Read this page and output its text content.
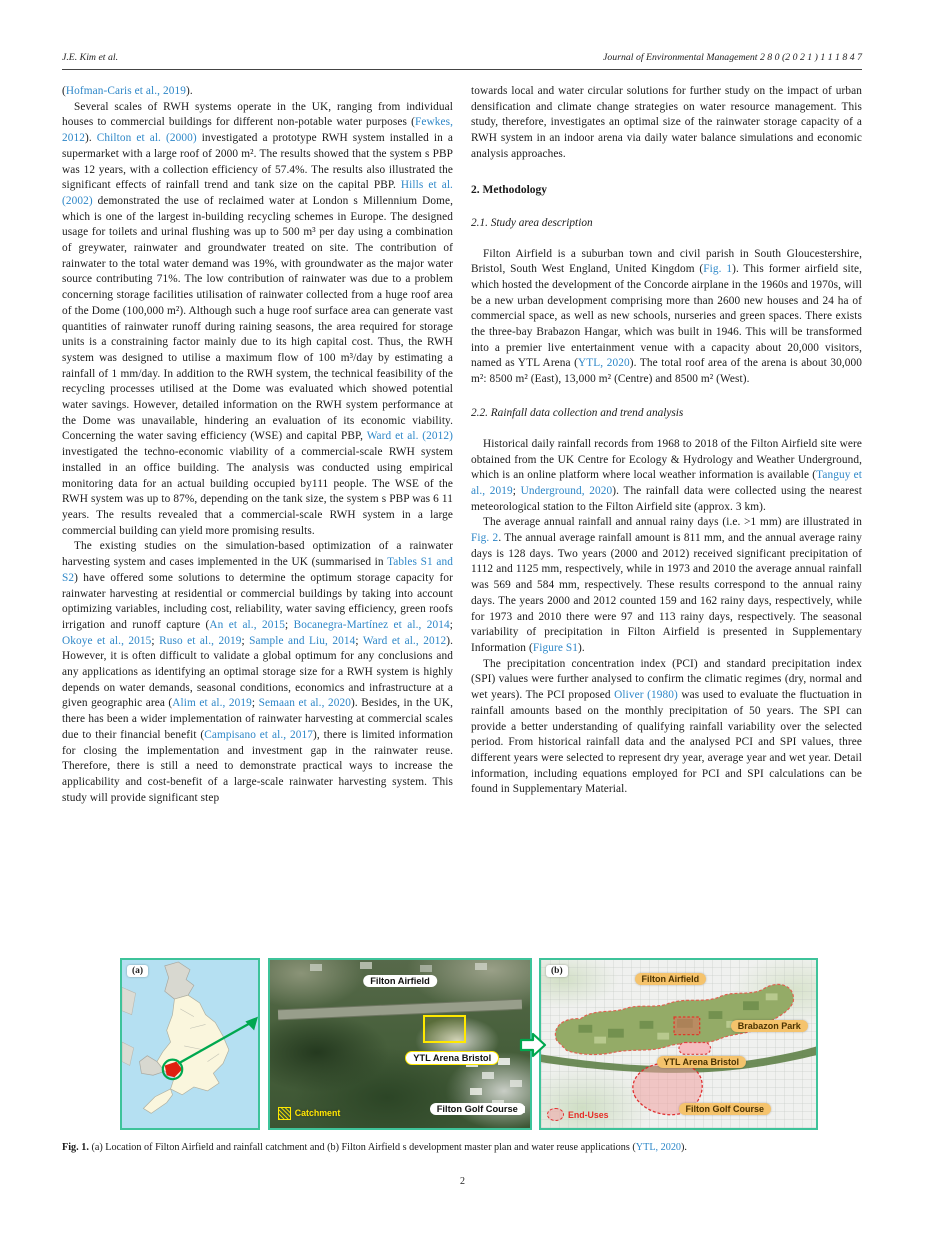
J.E. Kim et al.	Journal of Environmental Management 2 8 0 (2 0 2 1 ) 1 1 1 8 4 7

(Hofman-Caris et al., 2019).

Several scales of RWH systems operate in the UK, ranging from individual houses to commercial buildings for different non-potable water purposes (Fewkes, 2012). Chilton et al. (2000) investigated a prototype RWH system installed in a supermarket with a large roof of 2000 m². The results showed that the system s PBP was 12 years, with a collection efficiency of 57.4%. The results also illustrated the significant effects of rainfall trend and tank size on the capital PBP. Hills et al. (2002) demonstrated the use of reclaimed water at London s Millennium Dome, which is one of the largest in-building recycling schemes in Europe. The designed usage for toilets and urinal flushing was up to 500 m³ per day using a combination of greywater, rainwater and groundwater treated on site. The contribution of rainwater to the total water demand was 19%, with groundwater as the major water source contributing 71%. The low contribution of rainwater was due to a problem concerning storage facilities utilisation of rainwater collected from a huge roof area of the Dome (100,000 m²). Although such a huge roof surface area can generate vast quantities of rainwater runoff during raining seasons, the area required for storage units is a constraining factor mainly due to its high capital cost. Thus, the RWH system was designed to utilise a maximum flow of 100 m³/day by estimating a rainfall of 1 mm/day. In addition to the RWH system, the technical feasibility of the recycling processes utilised at the Dome was evaluated which showed potential water savings. However, detailed information on the RWH system performance at the Dome was unavailable, hindering an evaluation of its economic viability. Concerning the water saving efficiency (WSE) and capital PBP, Ward et al. (2012) investigated the techno-economic viability of a commercial-scale RWH system installed in an office building. The analysis was conducted using empirical monitoring data for an actual building occupied by111 people. The WSE of the RWH system was up to 87%, depending on the tank size, the system s PBP was 6 11 years. The results revealed that a commercial-scale RWH system in a large commercial building can yield more promising results.

The existing studies on the simulation-based optimization of a rainwater harvesting system and cases implemented in the UK (summarised in Tables S1 and S2) have offered some solutions to determine the optimum storage capacity for rainwater harvesting at residential or commercial buildings by taking into account optimizing variables, including cost, reliability, water saving efficiency, green roofs irrigation and runoff capture (An et al., 2015; Bocanegra-Martínez et al., 2014; Okoye et al., 2015; Ruso et al., 2019; Sample and Liu, 2014; Ward et al., 2012). However, it is often difficult to validate a global optimum for any conclusions and any applications as identifying an optimal storage size for a RWH system is highly depends on water demands, seasonal conditions, economics and infrastructure at a given geographic area (Alim et al., 2019; Semaan et al., 2020). Besides, in the UK, there has been a wider implementation of rainwater harvesting at commercial scales due to their financial benefit (Campisano et al., 2017), there is limited information for closing the implementation and investment gap in the rainwater reuse. Therefore, there is still a need to demonstrate practical ways to increase the applicability and cost-benefit of a large-scale rainwater harvesting system. This study will provide significant step

towards local and water circular solutions for further study on the impact of urban densification and climate change strategies on water resource management. This study, therefore, investigates an optimal size of the rainwater storage capacity of a RWH system in an indoor arena via daily water balance simulations and economic analysis approaches.

2. Methodology
2.1. Study area description

Filton Airfield is a suburban town and civil parish in South Gloucestershire, Bristol, South West England, United Kingdom (Fig. 1). This former airfield site, which hosted the development of the Concorde airplane in the 1960s and 1970s, will be a new urban development comprising more than 2600 new houses and 24 ha of commercial space, as well as new schools, nurseries and green spaces. There exists the three-bay Brabazon Hangar, which was built in 1946. This will be transformed into a premier live entertainment venue with a capacity about 20,000 visitors, named as YTL Arena (YTL, 2020). The total roof area of the arena is about 30,000 m²: 8500 m² (East), 13,000 m² (Centre) and 8500 m² (West).

2.2. Rainfall data collection and trend analysis

Historical daily rainfall records from 1968 to 2018 of the Filton Airfield site were obtained from the UK Centre for Ecology & Hydrology and Weather Underground, which is an online platform where local weather information is available (Tanguy et al., 2019; Underground, 2020). The rainfall data were collected using the nearest meteorological station to the Filton Airfield site (approx. 3 km).

The average annual rainfall and annual rainy days (i.e. >1 mm) are illustrated in Fig. 2. The annual average rainfall amount is 811 mm, and the annual average rainy days is 128 days. Two years (2000 and 2012) received significant precipitation of 1112 and 1125 mm, respectively, while in 1973 and 2010 the average annual rainfall was 569 and 584 mm, respectively. These results correspond to the annual rainy days. The years 2000 and 2012 counted 159 and 162 rainy days, respectively, while for 1973 and 2010 there were 97 and 113 rainy days, respectively. The seasonal variability of precipitation in Filton Airfield is presented in Supplementary Information (Figure S1).

The precipitation concentration index (PCI) and standard precipitation index (SPI) values were further analysed to confirm the climatic regimes (dry, normal and wet years). The PCI proposed Oliver (1980) was used to evaluate the fluctuation in rainfall amounts based on the monthly precipitation of 50 years. The SPI can provide a better understanding of qualifying rainfall variability over the selected period. From historical rainfall data and the analysed PCI and SPI values, three different years were selected to represent dry year, average year and wet year. Detail information, including equations employed for PCI and SPI calculations can be found in Supplementary Material.

(a)
Filton Airfield
YTL Arena Bristol
Filton Golf Course
Catchment
(b)
Filton Airfield
Brabazon Park
YTL Arena Bristol
Filton Golf Course
End-Uses

Fig. 1. (a) Location of Filton Airfield and rainfall catchment and (b) Filton Airfield s development master plan and water reuse applications (YTL, 2020).

2
